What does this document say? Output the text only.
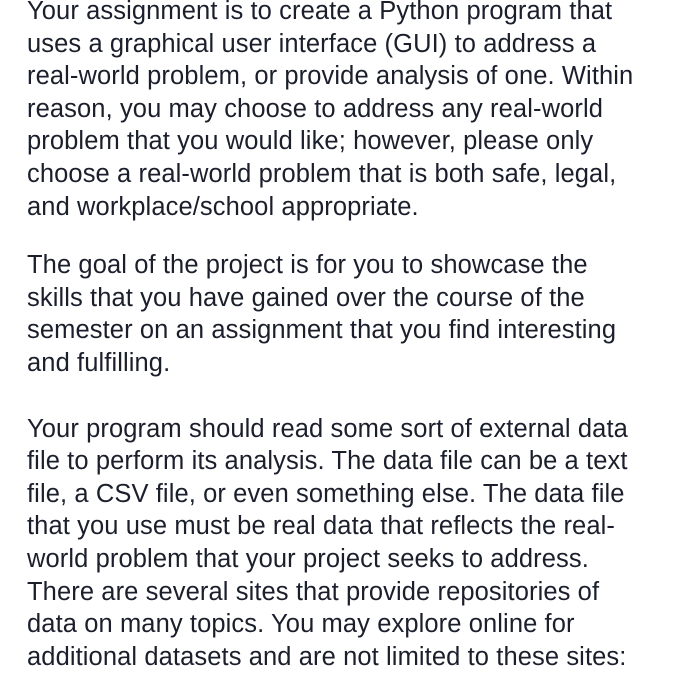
Your assignment is to create a Python program that
uses a graphical user interface (GUI) to address a
real-world problem, or provide analysis of one. Within
reason, you may choose to address any real-world
problem that you would like; however, please only
choose a real-world problem that is both safe, legal,
and workplace/school appropriate.
The goal of the project is for you to showcase the
skills that you have gained over the course of the
semester on an assignment that you find interesting
and fulfilling.
Your program should read some sort of external data
file to perform its analysis. The data file can be a text
file, a CSV file, or even something else. The data file
that you use must be real data that reflects the real-
world problem that your project seeks to address.
There are several sites that provide repositories of
data on many topics. You may explore online for
additional datasets and are not limited to these sites:
